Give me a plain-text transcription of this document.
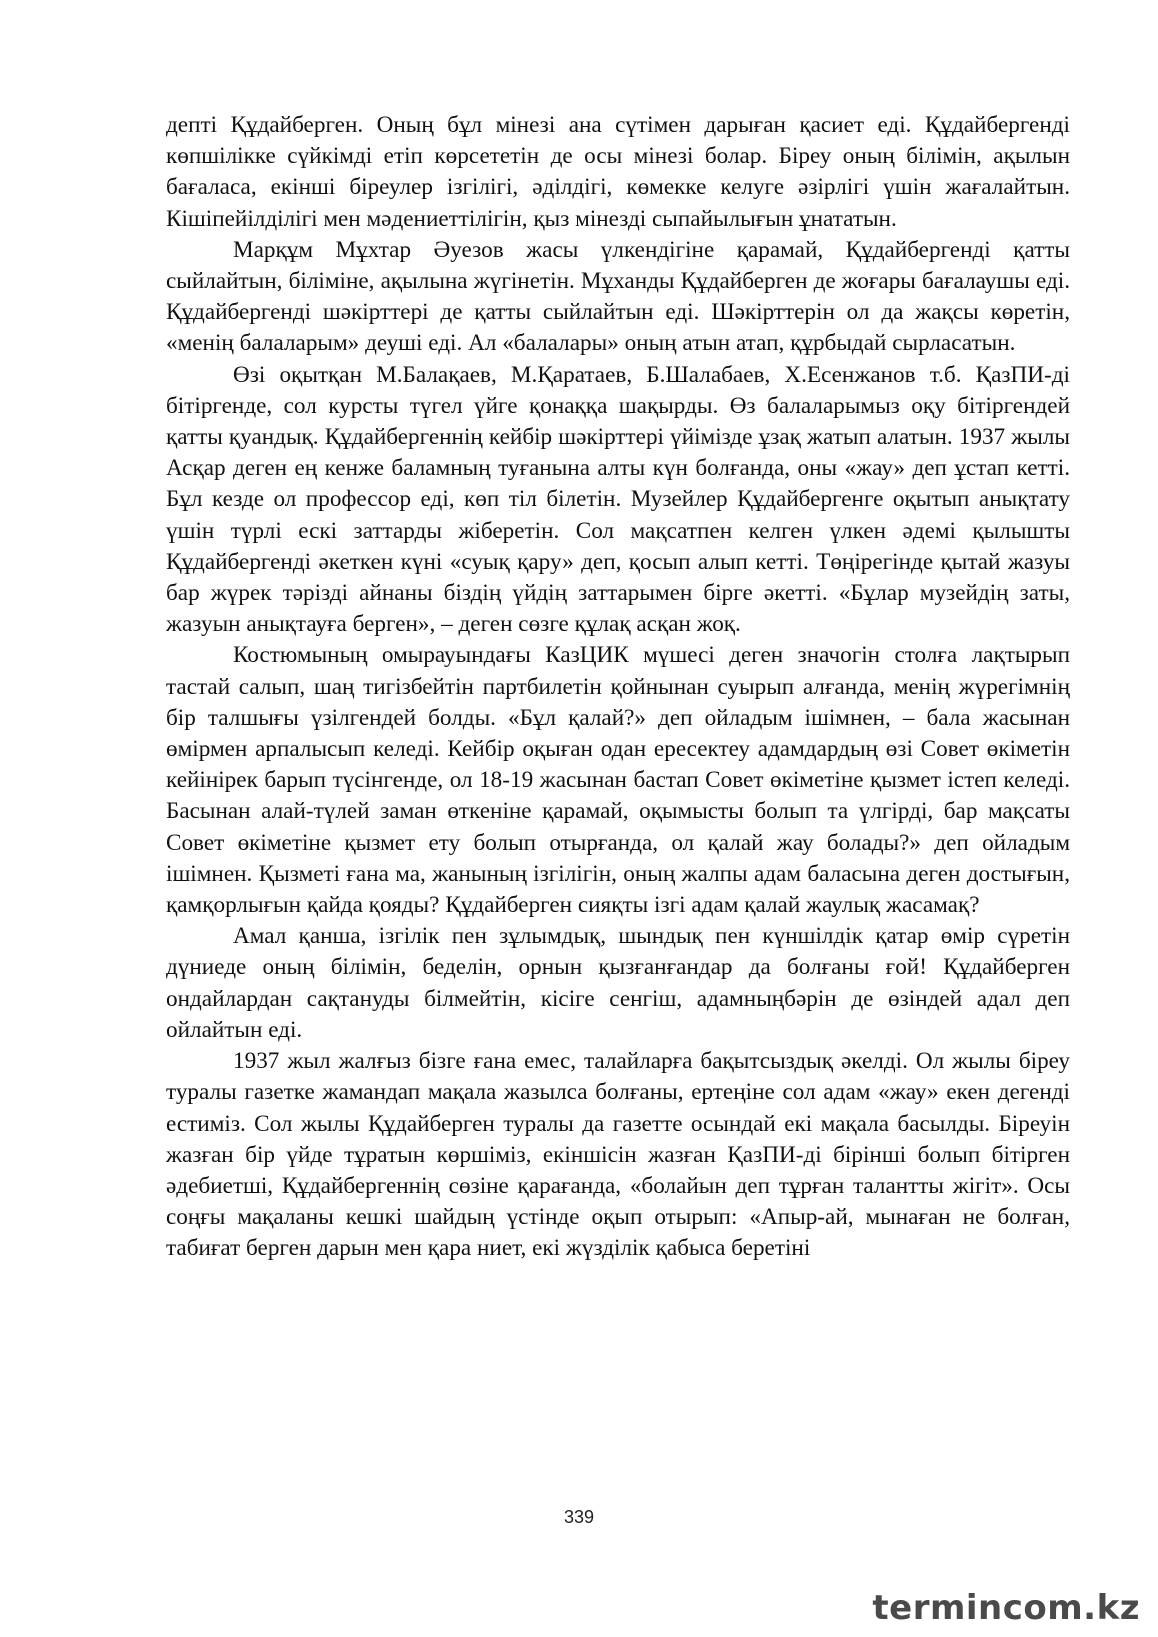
депті Құдайберген. Оның бұл мінезі ана сүтімен дарыған қасиет еді. Құдайбергенді көпшілікке сүйкімді етіп көрсететін де осы мінезі болар. Біреу оның білімін, ақылын бағаласа, екінші біреулер ізгілігі, әділдігі, көмекке келуге әзірлігі үшін жағалайтын. Кішіпейілділігі мен мәдениеттілігін, қыз мінезді сыпайылығын ұнататын.

Марқұм Мұхтар Әуезов жасы үлкендігіне қарамай, Құдайбергенді қатты сыйлайтын, біліміне, ақылына жүгінетін. Мұханды Құдайберген де жоғары бағалаушы еді. Құдайбергенді шәкірттері де қатты сыйлайтын еді. Шәкірттерін ол да жақсы көретін, «менің балаларым» деуші еді. Ал «балалары» оның атын атап, құрбыдай сырласатын.

Өзі оқытқан М.Балақаев, М.Қаратаев, Б.Шалабаев, Х.Есенжанов т.б. ҚазПИ-ді бітіргенде, сол курсты түгел үйге қонаққа шақырды. Өз балаларымыз оқу бітіргендей қатты қуандық. Құдайбергеннің кейбір шәкірттері үйімізде ұзақ жатып алатын. 1937 жылы Асқар деген ең кенже баламның туғанына алты күн болғанда, оны «жау» деп ұстап кетті. Бұл кезде ол профессор еді, көп тіл білетін. Музейлер Құдайбергенге оқытып анықтату үшін түрлі ескі заттарды жіберетін. Сол мақсатпен келген үлкен әдемі қылышты Құдайбергенді әкеткен күні «суық қару» деп, қосып алып кетті. Төңірегінде қытай жазуы бар жүрек тәрізді айнаны біздің үйдің заттарымен бірге әкетті. «Бұлар музейдің заты, жазуын анықтауға берген», – деген сөзге құлақ асқан жоқ.

Костюмының омырауындағы КазЦИК мүшесі деген значогін столға лақтырып тастай салып, шаң тигізбейтін партбилетін қойнынан суырып алғанда, менің жүрегімнің бір талшығы үзілгендей болды. «Бұл қалай?» деп ойладым ішімнен, – бала жасынан өмірмен арпалысып келеді. Кейбір оқыған одан ересектеу адамдардың өзі Совет өкіметін кейінірек барып түсінгенде, ол 18-19 жасынан бастап Совет өкіметіне қызмет істеп келеді. Басынан алай-түлей заман өткеніне қарамай, оқымысты болып та үлгірді, бар мақсаты Совет өкіметіне қызмет ету болып отырғанда, ол қалай жау болады?» деп ойладым ішімнен. Қызметі ғана ма, жанының ізгілігін, оның жалпы адам баласына деген достығын, қамқорлығын қайда қояды? Құдайберген сияқты ізгі адам қалай жаулық жасамақ?

Амал қанша, ізгілік пен зұлымдық, шындық пен күншілдік қатар өмір сүретін дүниеде оның білімін, беделін, орнын қызғанғандар да болғаны ғой! Құдайберген ондайлардан сақтануды білмейтін, кісіге сенгіш, адамныңбәрін де өзіндей адал деп ойлайтын еді.

1937 жыл жалғыз бізге ғана емес, талайларға бақытсыздық әкелді. Ол жылы біреу туралы газетке жамандап мақала жазылса болғаны, ертеңіне сол адам «жау» екен дегенді естиміз. Сол жылы Құдайберген туралы да газетте осындай екі мақала басылды. Біреуін жазған бір үйде тұратын көршіміз, екіншісін жазған ҚазПИ-ді бірінші болып бітірген әдебиетші, Құдайбергеннің сөзіне қарағанда, «болайын деп тұрған талантты жігіт». Осы соңғы мақаланы кешкі шайдың үстінде оқып отырып: «Апыр-ай, мынаған не болған, табиғат берген дарын мен қара ниет, екі жүзділік қабыса беретіні

339
termincom.kz
